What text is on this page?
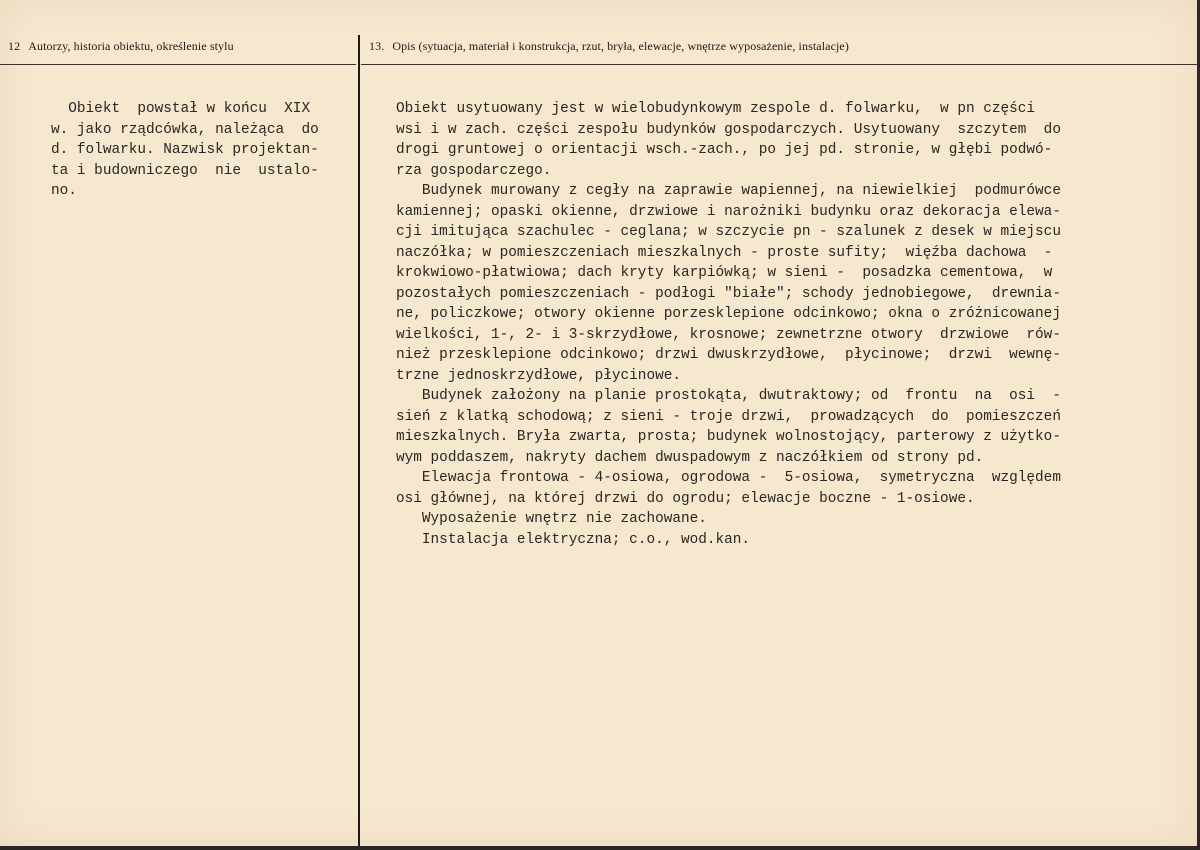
12 Autorzy, historia obiektu, określenie stylu	13. Opis (sytuacja, materiał i konstrukcja, rzut, bryła, elewacje, wnętrze wyposażenie, instalacje)
Obiekt  powstał w końcu  XIX
w. jako rządcówka, należąca  do
d. folwarku. Nazwisk projektan-
ta i budowniczego  nie  ustalo-
no.
Obiekt usytuowany jest w wielobudynkowym zespole d. folwarku,  w pn części
wsi i w zach. części zespołu budynków gospodarczych. Usytuowany  szczytem  do
drogi gruntowej o orientacji wsch.-zach., po jej pd. stronie, w głębi podwó-
rza gospodarczego.
Budynek murowany z cegły na zaprawie wapiennej, na niewielkiej  podmurówce
kamiennej; opaski okienne, drzwiowe i narożniki budynku oraz dekoracja elewa-
cji imitująca szachulec - ceglana; w szczycie pn - szalunek z desek w miejscu
naczółka; w pomieszczeniach mieszkalnych - proste sufity;  więźba dachowa  -
krokwiowo-płatwiowa; dach kryty karpiówką; w sieni -  posadzka cementowa,  w
pozostałych pomieszczeniach - podłogi "białe"; schody jednobiegowe,  drewnia-
ne, policzkowe; otwory okienne porzesklepione odcinkowo; okna o zróżnicowanej
wielkości, 1-, 2- i 3-skrzydłowe, krosnowe; zewnetrzne otwory  drzwiowe  rów-
nież przesklepione odcinkowo; drzwi dwuskrzydłowe,  płycinowe;  drzwi  wewnę-
trzne jednoskrzydłowe, płycinowe.
Budynek założony na planie prostokąta, dwutraktowy; od  frontu  na  osi  -
sień z klatką schodową; z sieni - troje drzwi,  prowadzących  do  pomieszczeń
mieszkalnych. Bryła zwarta, prosta; budynek wolnostojący, parterowy z użytko-
wym poddaszem, nakryty dachem dwuspadowym z naczółkiem od strony pd.
Elewacja frontowa - 4-osiowa, ogrodowa -  5-osiowa,  symetryczna  względem
osi głównej, na której drzwi do ogrodu; elewacje boczne - 1-osiowe.
Wyposażenie wnętrz nie zachowane.
Instalacja elektryczna; c.o., wod.kan.
